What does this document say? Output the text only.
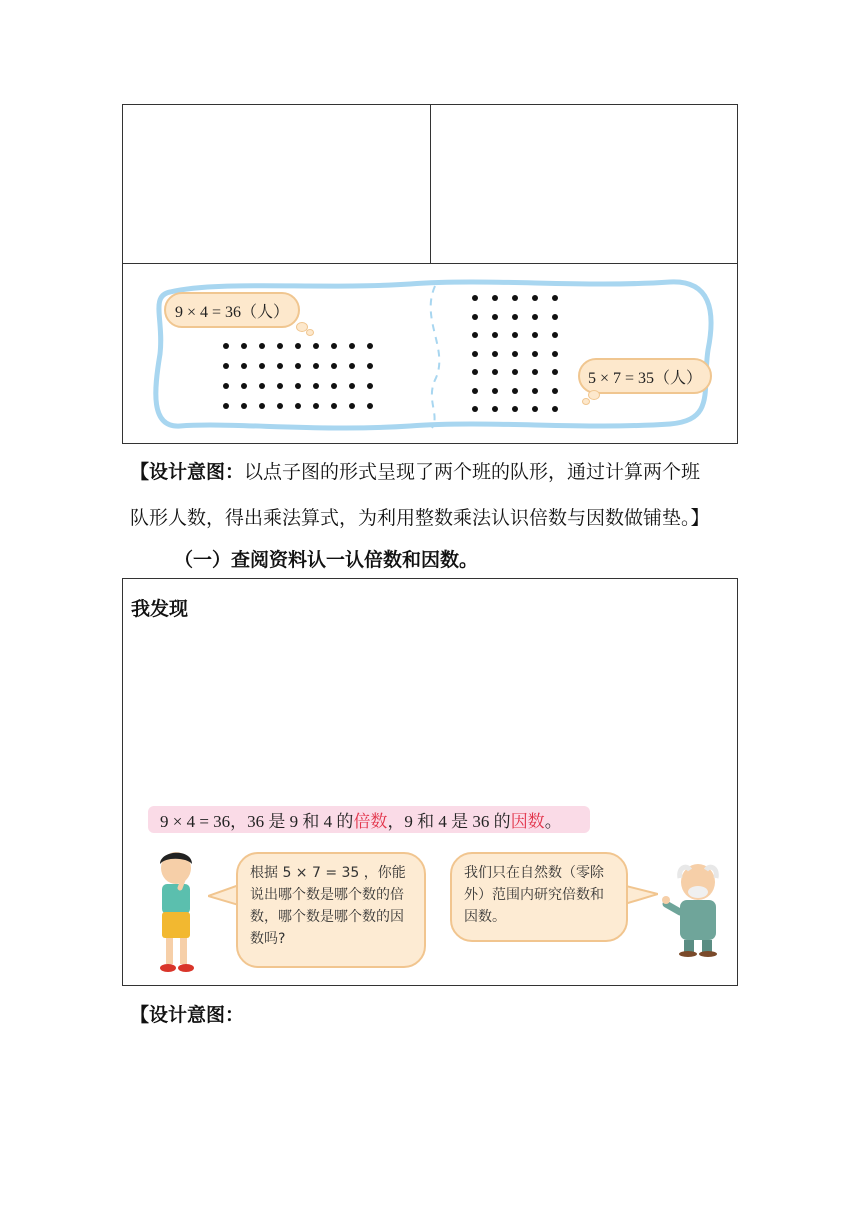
9 × 4 = 36（人）
5 × 7 = 35（人）
【设计意图：以点子图的形式呈现了两个班的队形，通过计算两个班
队形人数，得出乘法算式，为利用整数乘法认识倍数与因数做铺垫。】
（一）查阅资料认一认倍数和因数。
我发现
9 × 4 = 36，36 是 9 和 4 的 倍数 ，9 和 4 是 36 的 因数 。
根据 5 × 7 = 35 ，你能说出哪个数是哪个数的倍数，哪个数是哪个数的因数吗?
我们只在自然数（零除外）范围内研究倍数和因数。
【设计意图：
